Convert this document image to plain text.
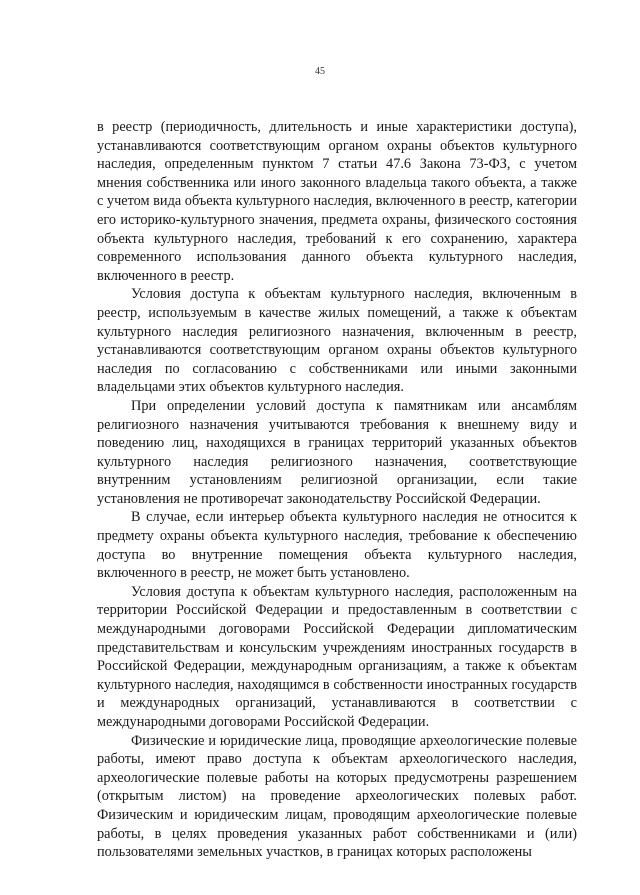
45

в реестр (периодичность, длительность и иные характеристики доступа), устанавливаются соответствующим органом охраны объектов культурного наследия, определенным пунктом 7 статьи 47.6 Закона 73-ФЗ, с учетом мнения собственника или иного законного владельца такого объекта, а также с учетом вида объекта культурного наследия, включенного в реестр, категории его историко-культурного значения, предмета охраны, физического состояния объекта культурного наследия, требований к его сохранению, характера современного использования данного объекта культурного наследия, включенного в реестр.

Условия доступа к объектам культурного наследия, включенным в реестр, используемым в качестве жилых помещений, а также к объектам культурного наследия религиозного назначения, включенным в реестр, устанавливаются соответствующим органом охраны объектов культурного наследия по согласованию с собственниками или иными законными владельцами этих объектов культурного наследия.

При определении условий доступа к памятникам или ансамблям религиозного назначения учитываются требования к внешнему виду и поведению лиц, находящихся в границах территорий указанных объектов культурного наследия религиозного назначения, соответствующие внутренним установлениям религиозной организации, если такие установления не противоречат законодательству Российской Федерации.

В случае, если интерьер объекта культурного наследия не относится к предмету охраны объекта культурного наследия, требование к обеспечению доступа во внутренние помещения объекта культурного наследия, включенного в реестр, не может быть установлено.

Условия доступа к объектам культурного наследия, расположенным на территории Российской Федерации и предоставленным в соответствии с международными договорами Российской Федерации дипломатическим представительствам и консульским учреждениям иностранных государств в Российской Федерации, международным организациям, а также к объектам культурного наследия, находящимся в собственности иностранных государств и международных организаций, устанавливаются в соответствии с международными договорами Российской Федерации.

Физические и юридические лица, проводящие археологические полевые работы, имеют право доступа к объектам археологического наследия, археологические полевые работы на которых предусмотрены разрешением (открытым листом) на проведение археологических полевых работ. Физическим и юридическим лицам, проводящим археологические полевые работы, в целях проведения указанных работ собственниками и (или) пользователями земельных участков, в границах которых расположены
